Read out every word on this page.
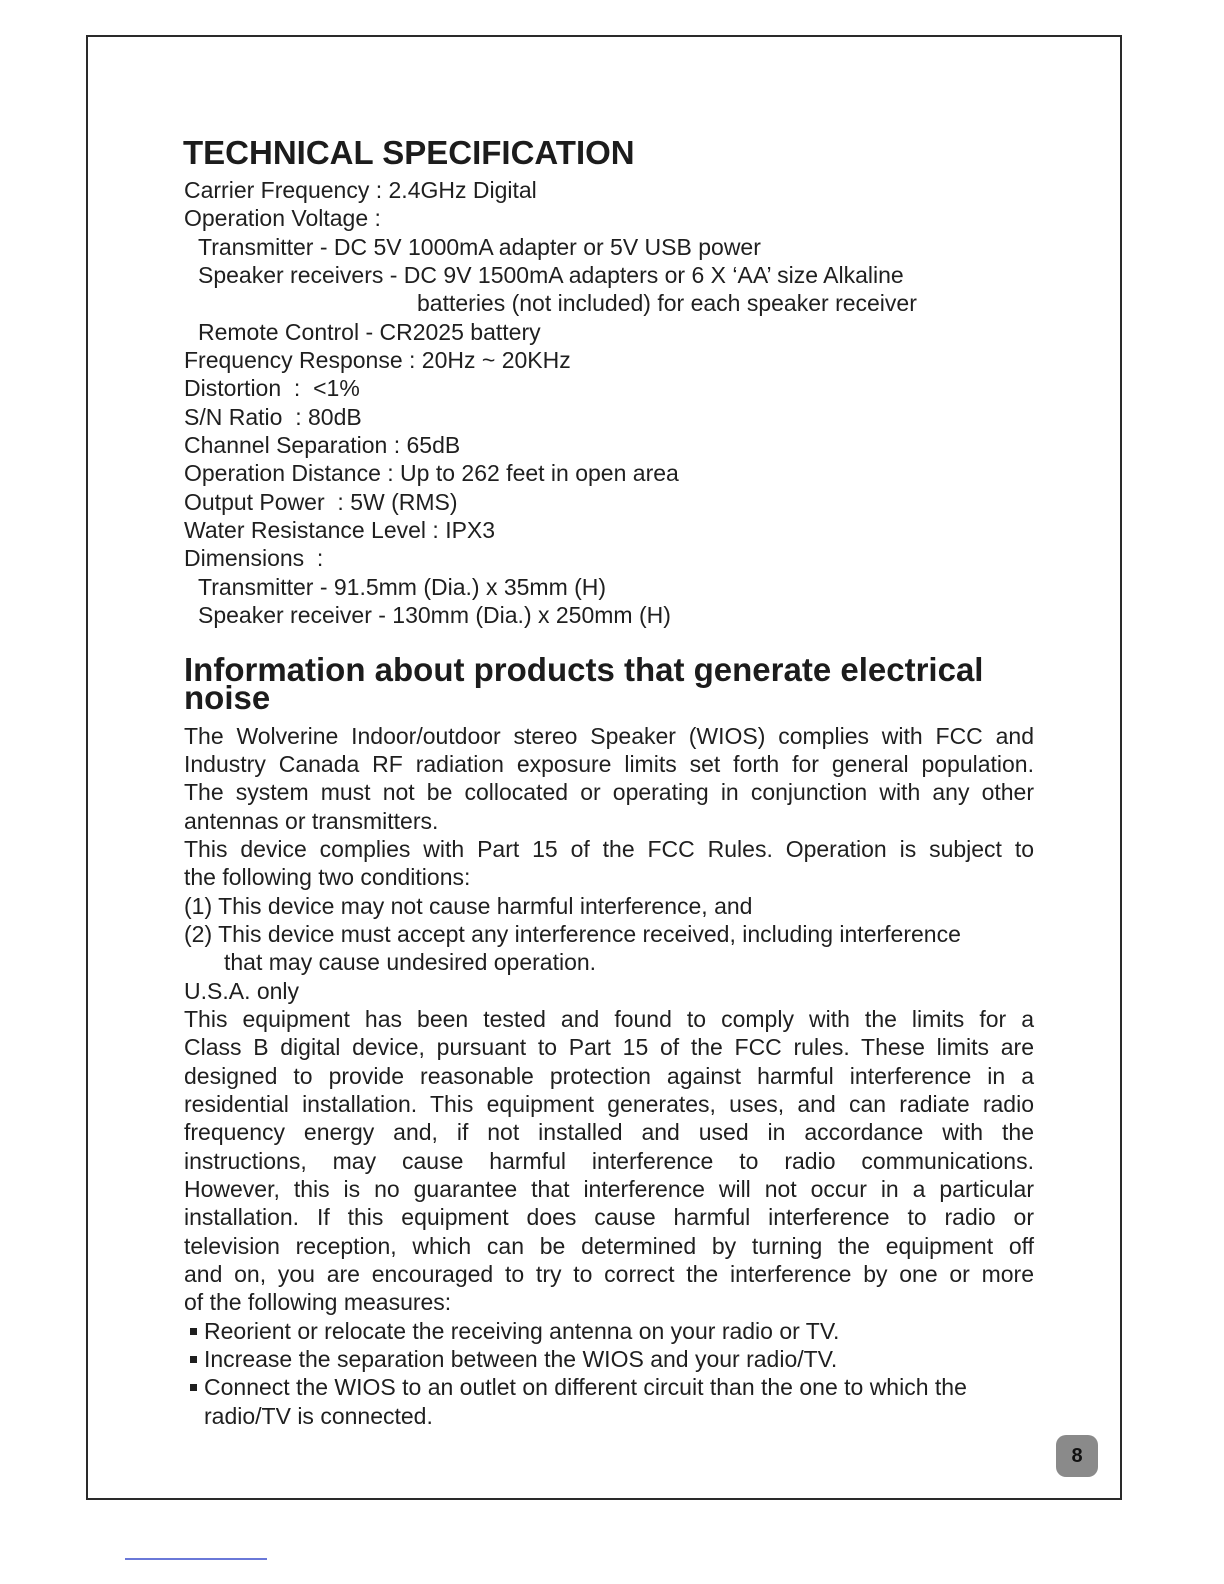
TECHNICAL SPECIFICATION

Carrier Frequency : 2.4GHz Digital

Operation Voltage :

Transmitter - DC 5V 1000mA adapter or 5V USB power

Speaker receivers - DC 9V 1500mA adapters or 6 X ‘AA’ size Alkaline

batteries (not included) for each speaker receiver

Remote Control - CR2025 battery

Frequency Response : 20Hz ~ 20KHz

Distortion  :  <1%

S/N Ratio  : 80dB

Channel Separation : 65dB

Operation Distance : Up to 262 feet in open area

Output Power  : 5W (RMS)

Water Resistance Level : IPX3

Dimensions  :

Transmitter - 91.5mm (Dia.) x 35mm (H)

Speaker receiver - 130mm (Dia.) x 250mm (H)

Information about products that generate electrical
noise

The Wolverine Indoor/outdoor stereo Speaker (WIOS) complies with FCC and

Industry Canada RF radiation exposure limits set forth for general population.

The system must not be collocated or operating in conjunction with any other

antennas or transmitters.

This device complies with Part 15 of the FCC Rules. Operation is subject to

the following two conditions:

(1) This device may not cause harmful interference, and

(2) This device must accept any interference received, including interference

that may cause undesired operation.

U.S.A. only

This equipment has been tested and found to comply with the limits for a

Class B digital device, pursuant to Part 15 of the FCC rules. These limits are

designed to provide reasonable protection against harmful interference in a

residential installation. This equipment generates, uses, and can radiate radio

frequency energy and, if not installed and used in accordance with the

instructions, may cause harmful interference to radio communications.

However, this is no guarantee that interference will not occur in a particular

installation. If this equipment does cause harmful interference to radio or

television reception, which can be determined by turning the equipment off

and on, you are encouraged to try to correct the interference by one or more

of the following measures:

Reorient or relocate the receiving antenna on your radio or TV.

Increase the separation between the WIOS and your radio/TV.

Connect the WIOS to an outlet on different circuit than the one to which the

radio/TV is connected.

8
